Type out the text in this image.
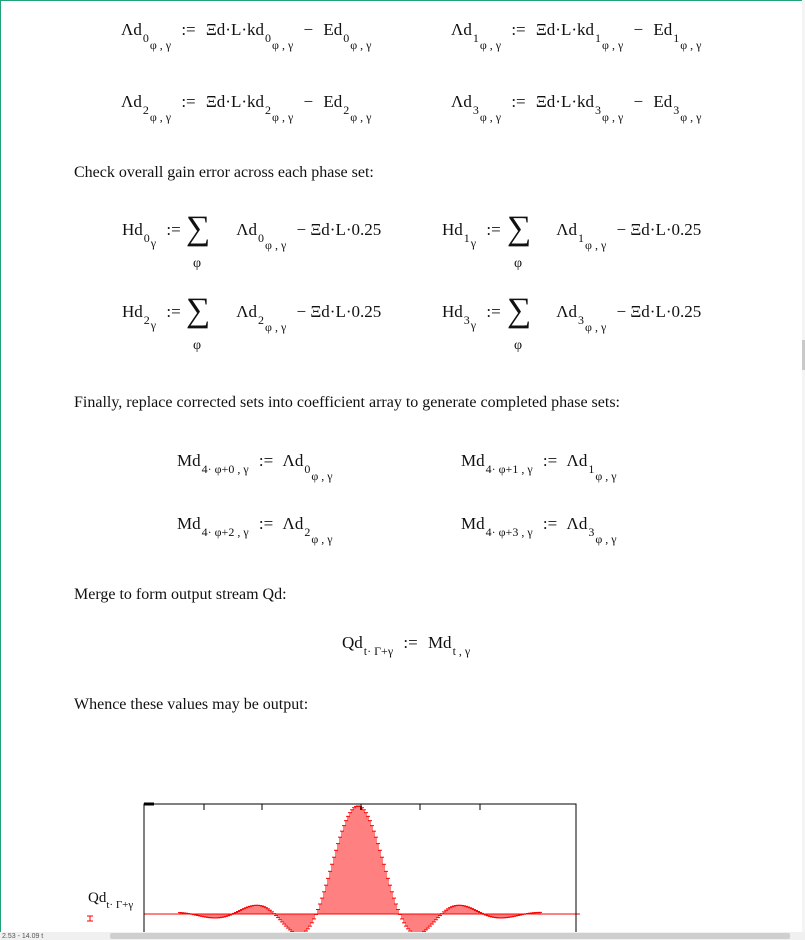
$\Lambda d_{0\varphi , \gamma}$ := $\Xi d\cdot L\cdot kd_{0\varphi , \gamma} - Ed_{0\varphi , \gamma}$
$\Lambda d_{1\varphi , \gamma}$ := $\Xi d\cdot L\cdot kd_{1\varphi , \gamma} - Ed_{1\varphi , \gamma}$
$\Lambda d_{2\varphi , \gamma}$ := $\Xi d\cdot L\cdot kd_{2\varphi , \gamma} - Ed_{2\varphi , \gamma}$
$\Lambda d_{3\varphi , \gamma}$ := $\Xi d\cdot L\cdot kd_{3\varphi , \gamma} - Ed_{3\varphi , \gamma}$
Check overall gain error across each phase set:
$Hd_{0\gamma}$ :=	$\Lambda d_{0\varphi , \gamma} - \Xi d\cdot L\cdot 0.25$
∑
φ
$Hd_{1\gamma}$ :=	$\Lambda d_{1\varphi , \gamma} - \Xi d\cdot L\cdot 0.25$
∑
φ
$Hd_{2\gamma}$ :=	$\Lambda d_{2\varphi , \gamma} - \Xi d\cdot L\cdot 0.25$
∑
φ
$Hd_{3\gamma}$ :=	$\Lambda d_{3\varphi , \gamma} - \Xi d\cdot L\cdot 0.25$
∑
φ
Finally, replace corrected sets into coefficient array to generate completed phase sets:
$Md_{4\cdot \varphi+0 , \gamma}$ := $\Lambda d_{0\varphi , \gamma}$
$Md_{4\cdot \varphi+1 , \gamma}$ := $\Lambda d_{1\varphi , \gamma}$
$Md_{4\cdot \varphi+2 , \gamma}$ := $\Lambda d_{2\varphi , \gamma}$
$Md_{4\cdot \varphi+3 , \gamma}$ := $\Lambda d_{3\varphi , \gamma}$
Merge to form output stream Qd:
$Qd_{t\cdot \Gamma+\gamma}$ := $Md_{t , \gamma}$
Whence these values may be output:
$Qd_{t\cdot \Gamma+\gamma}$
2.53 - 14.09 t
